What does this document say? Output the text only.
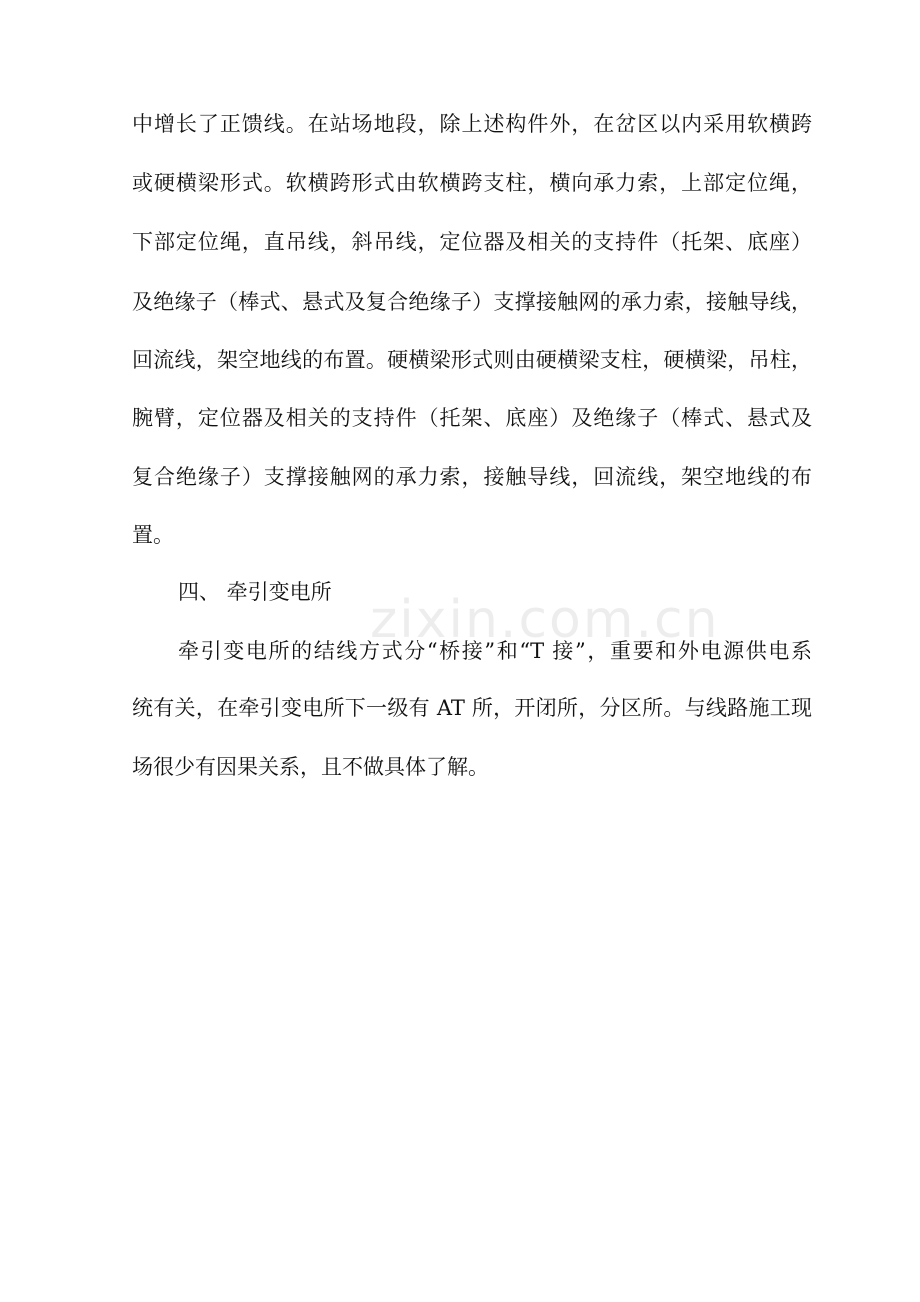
中增长了正馈线。在站场地段，除上述构件外，在岔区以内采用软横跨
或硬横梁形式。软横跨形式由软横跨支柱，横向承力索，上部定位绳，
下部定位绳，直吊线，斜吊线，定位器及相关的支持件（托架、底座）
及绝缘子（棒式、悬式及复合绝缘子）支撑接触网的承力索，接触导线，
回流线，架空地线的布置。硬横梁形式则由硬横梁支柱，硬横梁，吊柱，
腕臂，定位器及相关的支持件（托架、底座）及绝缘子（棒式、悬式及
复合绝缘子）支撑接触网的承力索，接触导线，回流线，架空地线的布
置。
四、 牵引变电所
牵引变电所的结线方式分“桥接”和“T 接”，重要和外电源供电系
统有关，在牵引变电所下一级有 AT 所，开闭所，分区所。与线路施工现
场很少有因果关系，且不做具体了解。
zixin.com.cn
